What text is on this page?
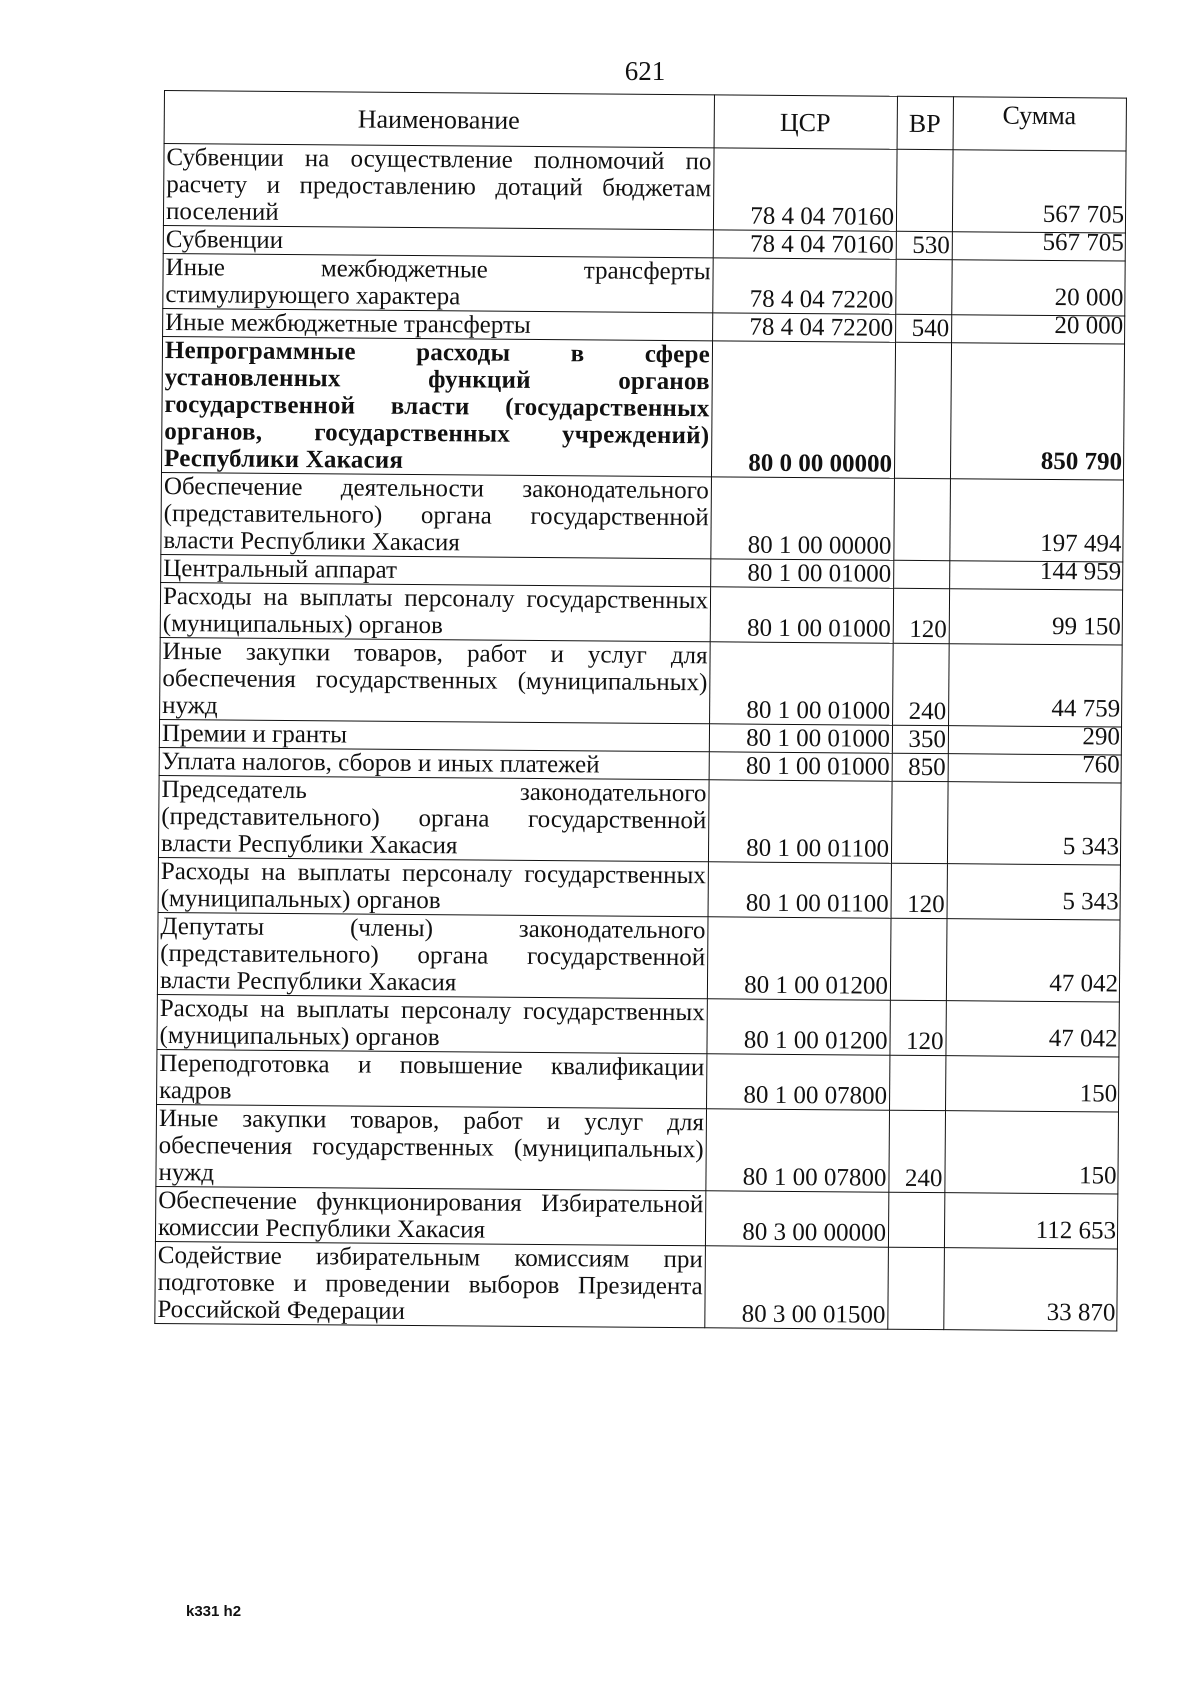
621
Наименование	ЦСР	ВР	Сумма
Субвенции на осуществление полномочий по расчету и предоставлению дотаций бюджетам поселений	78 4 04 70160		567 705
Субвенции	78 4 04 70160	530	567 705
Иные межбюджетные трансферты стимулирующего характера	78 4 04 72200		20 000
Иные межбюджетные трансферты	78 4 04 72200	540	20 000
Непрограммные расходы в сфере установленных функций органов государственной власти (государственных органов, государственных учреждений) Республики Хакасия	80 0 00 00000		850 790
Обеспечение деятельности законодательного (представительного) органа государственной власти Республики Хакасия	80 1 00 00000		197 494
Центральный аппарат	80 1 00 01000		144 959
Расходы на выплаты персоналу государственных (муниципальных) органов	80 1 00 01000	120	99 150
Иные закупки товаров, работ и услуг для обеспечения государственных (муниципальных) нужд	80 1 00 01000	240	44 759
Премии и гранты	80 1 00 01000	350	290
Уплата налогов, сборов и иных платежей	80 1 00 01000	850	760
Председатель законодательного (представительного) органа государственной власти Республики Хакасия	80 1 00 01100		5 343
Расходы на выплаты персоналу государственных (муниципальных) органов	80 1 00 01100	120	5 343
Депутаты (члены) законодательного (представительного) органа государственной власти Республики Хакасия	80 1 00 01200		47 042
Расходы на выплаты персоналу государственных (муниципальных) органов	80 1 00 01200	120	47 042
Переподготовка и повышение квалификации кадров	80 1 00 07800		150
Иные закупки товаров, работ и услуг для обеспечения государственных (муниципальных) нужд	80 1 00 07800	240	150
Обеспечение функционирования Избирательной комиссии Республики Хакасия	80 3 00 00000		112 653
Содействие избирательным комиссиям при подготовке и проведении выборов Президента Российской Федерации	80 3 00 01500		33 870
k331 h2
